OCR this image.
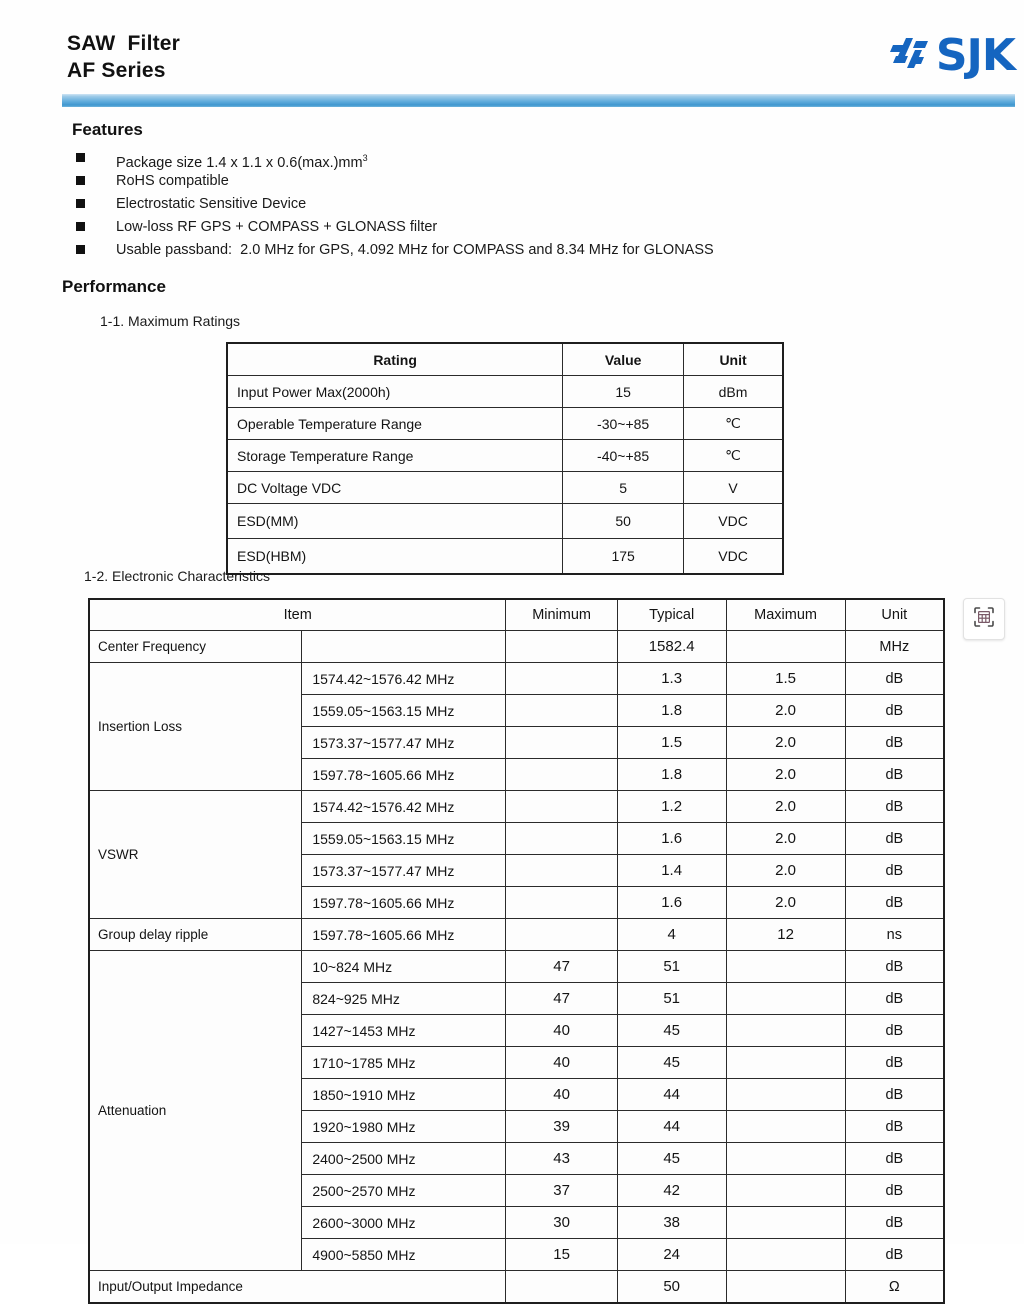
SAW  Filter
AF Series	SJK
Features
Package size 1.4 x 1.1 x $0.6(\max.)mm^3$
RoHS compatible
Electrostatic Sensitive Device
Low-loss RF GPS + COMPASS + GLONASS filter
Usable passband:  2.0 MHz for GPS, 4.092 MHz for COMPASS and 8.34 MHz for GLONASS
Performance
1-1. Maximum Ratings
Rating	Value	Unit
Input Power Max(2000h)	15	dBm
Operable Temperature Range	-30~+85	℃
Storage Temperature Range	-40~+85	℃
DC Voltage VDC	5	V
ESD(MM)	50	VDC
ESD(HBM)	175	VDC
1-2. Electronic Characteristics
Item		Minimum	Typical	Maximum	Unit
Center Frequency			1582.4		MHz
Insertion Loss	1574.42~1576.42 MHz		1.3	1.5	dB
	1559.05~1563.15 MHz		1.8	2.0	dB
	1573.37~1577.47 MHz		1.5	2.0	dB
	1597.78~1605.66 MHz		1.8	2.0	dB
VSWR	1574.42~1576.42 MHz		1.2	2.0	dB
	1559.05~1563.15 MHz		1.6	2.0	dB
	1573.37~1577.47 MHz		1.4	2.0	dB
	1597.78~1605.66 MHz		1.6	2.0	dB
Group delay ripple	1597.78~1605.66 MHz		4	12	ns
Attenuation	10~824 MHz	47	51		dB
	824~925 MHz	47	51		dB
	1427~1453 MHz	40	45		dB
	1710~1785 MHz	40	45		dB
	1850~1910 MHz	40	44		dB
	1920~1980 MHz	39	44		dB
	2400~2500 MHz	43	45		dB
	2500~2570 MHz	37	42		dB
	2600~3000 MHz	30	38		dB
	4900~5850 MHz	15	24		dB
Input/Output Impedance			50		Ω
